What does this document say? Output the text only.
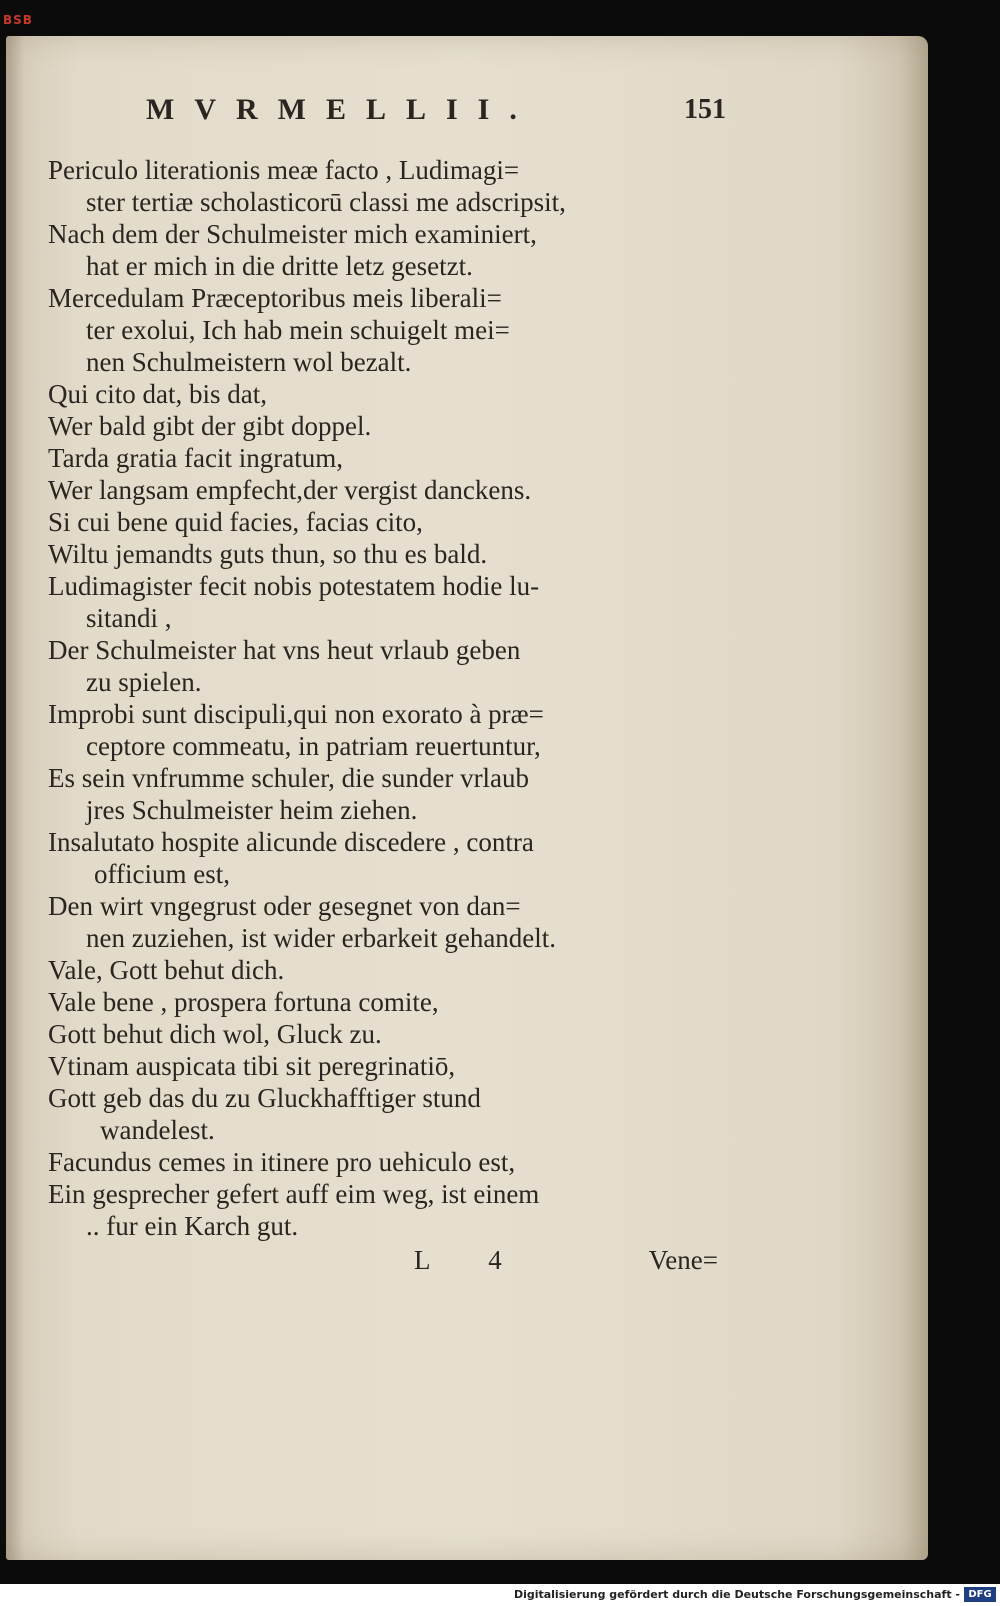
BSB
MVRMELLII.	151
Periculo literationis meæ facto , Ludimagi=
ster tertiæ scholasticorū classi me adscripsit,
Nach dem der Schulmeister mich examiniert,
hat er mich in die dritte letz gesetzt.
Mercedulam Præceptoribus meis liberali=
ter exolui, Ich hab mein schuigelt mei=
nen Schulmeistern wol bezalt.
Qui cito dat, bis dat,
Wer bald gibt der gibt doppel.
Tarda gratia facit ingratum,
Wer langsam empfecht,der vergist danckens.
Si cui bene quid facies, facias cito,
Wiltu jemandts guts thun, so thu es bald.
Ludimagister fecit nobis potestatem hodie lu-
sitandi ,
Der Schulmeister hat vns heut vrlaub geben
zu spielen.
Improbi sunt discipuli,qui non exorato à præ=
ceptore commeatu, in patriam reuertuntur,
Es sein vnfrumme schuler, die sunder vrlaub
jres Schulmeister heim ziehen.
Insalutato hospite alicunde discedere , contra
officium est,
Den wirt vngegrust oder gesegnet von dan=
nen zuziehen, ist wider erbarkeit gehandelt.
Vale, Gott behut dich.
Vale bene , prospera fortuna comite,
Gott behut dich wol, Gluck zu.
Vtinam auspicata tibi sit peregrinatiō,
Gott geb das du zu Gluckhafftiger stund
wandelest.
Facundus cemes in itinere pro uehiculo est,
Ein gesprecher gefert auff eim weg, ist einem
.. fur ein Karch gut.
L 4	Vene=
Digitalisierung gefördert durch die Deutsche Forschungsgemeinschaft - DFG
